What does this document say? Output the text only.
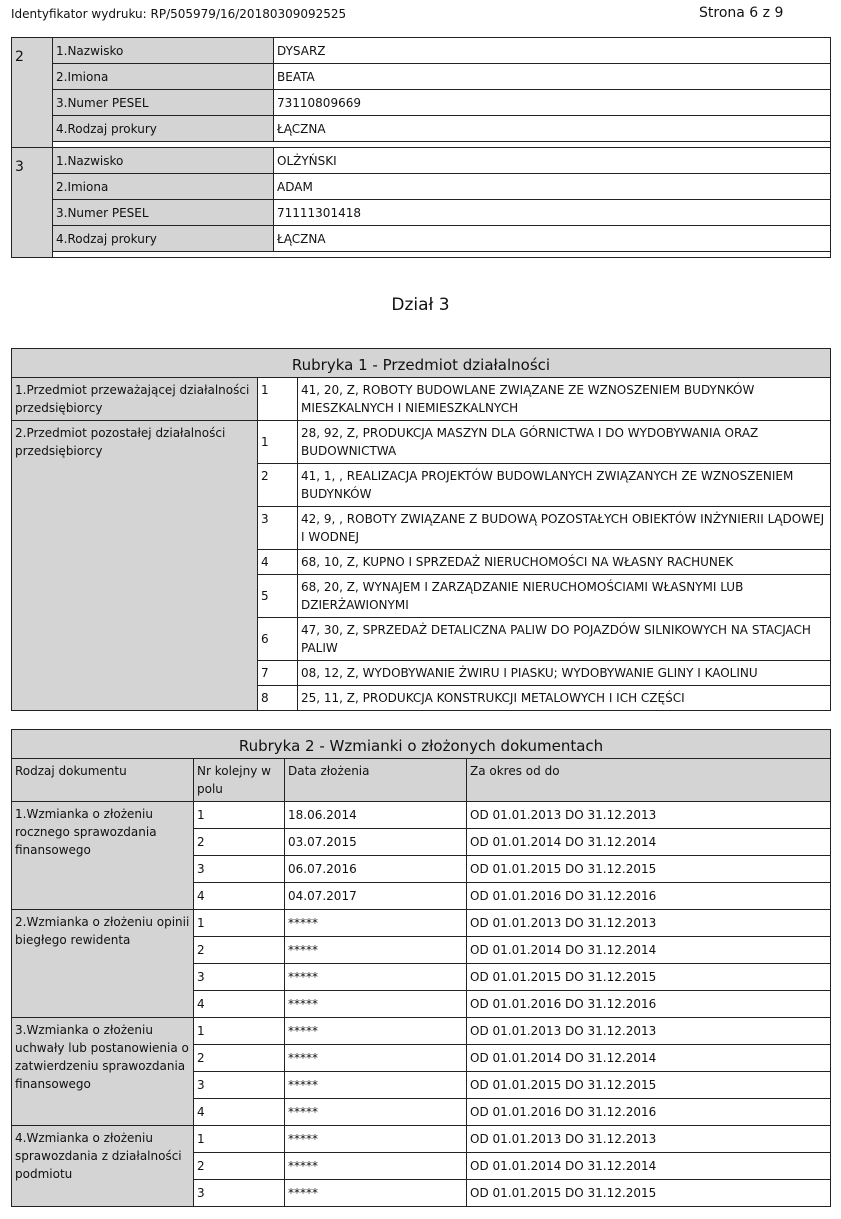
Identyfikator wydruku: RP/505979/16/20180309092525	Strona 6 z 9
2	1.Nazwisko	DYSARZ
	2.Imiona	BEATA
	3.Numer PESEL	73110809669
	4.Rodzaj prokury	ŁĄCZNA

3	1.Nazwisko	OLŻYŃSKI
	2.Imiona	ADAM
	3.Numer PESEL	71111301418
	4.Rodzaj prokury	ŁĄCZNA

Dział 3
Rubryka 1 - Przedmiot działalności		
1.Przedmiot przeważającej działalności przedsiębiorcy	1	41, 20, Z, ROBOTY BUDOWLANE ZWIĄZANE ZE WZNOSZENIEM BUDYNKÓW MIESZKALNYCH I NIEMIESZKALNYCH
2.Przedmiot pozostałej działalności przedsiębiorcy	1	28, 92, Z, PRODUKCJA MASZYN DLA GÓRNICTWA I DO WYDOBYWANIA ORAZ BUDOWNICTWA
	2	41, 1, , REALIZACJA PROJEKTÓW BUDOWLANYCH ZWIĄZANYCH ZE WZNOSZENIEM BUDYNKÓW
	3	42, 9, , ROBOTY ZWIĄZANE Z BUDOWĄ POZOSTAŁYCH OBIEKTÓW INŻYNIERII LĄDOWEJ I WODNEJ
	4	68, 10, Z, KUPNO I SPRZEDAŻ NIERUCHOMOŚCI NA WŁASNY RACHUNEK
	5	68, 20, Z, WYNAJEM I ZARZĄDZANIE NIERUCHOMOŚCIAMI WŁASNYMI LUB DZIERŻAWIONYMI
	6	47, 30, Z, SPRZEDAŻ DETALICZNA PALIW DO POJAZDÓW SILNIKOWYCH NA STACJACH PALIW
	7	08, 12, Z, WYDOBYWANIE ŻWIRU I PIASKU; WYDOBYWANIE GLINY I KAOLINU
	8	25, 11, Z, PRODUKCJA KONSTRUKCJI METALOWYCH I ICH CZĘŚCI
Rubryka 2 - Wzmianki o złożonych dokumentach			
Rodzaj dokumentu	Nr kolejny w polu	Data złożenia	Za okres od do
1.Wzmianka o złożeniu rocznego sprawozdania finansowego	1	18.06.2014	OD 01.01.2013 DO 31.12.2013
	2	03.07.2015	OD 01.01.2014 DO 31.12.2014
	3	06.07.2016	OD 01.01.2015 DO 31.12.2015
	4	04.07.2017	OD 01.01.2016 DO 31.12.2016
2.Wzmianka o złożeniu opinii biegłego rewidenta	1	*****	OD 01.01.2013 DO 31.12.2013
	2	*****	OD 01.01.2014 DO 31.12.2014
	3	*****	OD 01.01.2015 DO 31.12.2015
	4	*****	OD 01.01.2016 DO 31.12.2016
3.Wzmianka o złożeniu uchwały lub postanowienia o zatwierdzeniu sprawozdania finansowego	1	*****	OD 01.01.2013 DO 31.12.2013
	2	*****	OD 01.01.2014 DO 31.12.2014
	3	*****	OD 01.01.2015 DO 31.12.2015
	4	*****	OD 01.01.2016 DO 31.12.2016
4.Wzmianka o złożeniu sprawozdania z działalności podmiotu	1	*****	OD 01.01.2013 DO 31.12.2013
	2	*****	OD 01.01.2014 DO 31.12.2014
	3	*****	OD 01.01.2015 DO 31.12.2015
